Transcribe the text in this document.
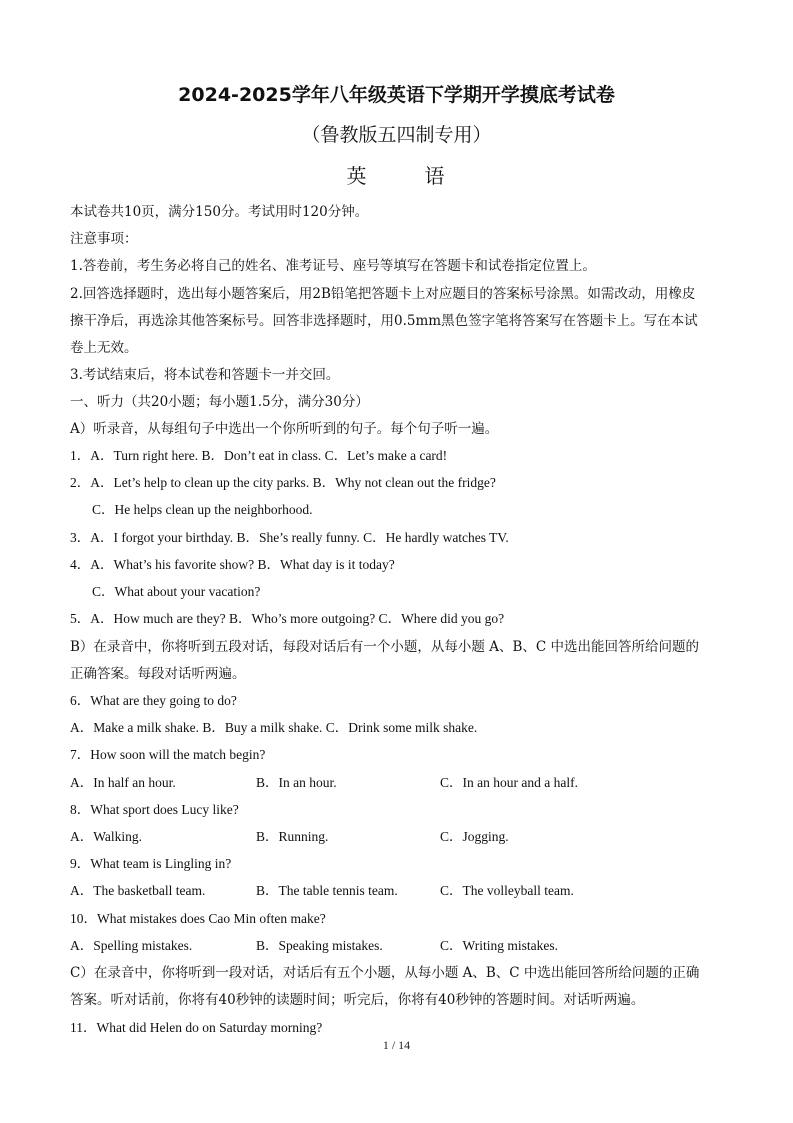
2024-2025学年八年级英语下学期开学摸底考试卷
（鲁教版五四制专用）
英	语
本试卷共10页，满分150分。考试用时120分钟。
注意事项：
1.答卷前，考生务必将自己的姓名、准考证号、座号等填写在答题卡和试卷指定位置上。
2.回答选择题时，选出每小题答案后，用2B铅笔把答题卡上对应题目的答案标号涂黑。如需改动，用橡皮
擦干净后，再选涂其他答案标号。回答非选择题时，用0.5mm黑色签字笔将答案写在答题卡上。写在本试
卷上无效。
3.考试结束后，将本试卷和答题卡一并交回。
一、听力（共20小题；每小题1.5分，满分30分）
A）听录音，从每组句子中选出一个你所听到的句子。每个句子听一遍。
1．A．Turn right here. B．Don’t eat in class. C．Let’s make a card!
2．A．Let’s help to clean up the city parks. B．Why not clean out the fridge?
C．He helps clean up the neighborhood.
3．A．I forgot your birthday. B．She’s really funny. C．He hardly watches TV.
4．A．What’s his favorite show? B．What day is it today?
C．What about your vacation?
5．A．How much are they? B．Who’s more outgoing? C．Where did you go?
B）在录音中，你将听到五段对话，每段对话后有一个小题，从每小题 A、B、C 中选出能回答所给问题的
正确答案。每段对话听两遍。
6．What are they going to do?
A．Make a milk shake. B．Buy a milk shake. C．Drink some milk shake.
7．How soon will the match begin?
A．In half an hour.	B．In an hour.	C．In an hour and a half.
8．What sport does Lucy like?
A．Walking.	B．Running.	C．Jogging.
9．What team is Lingling in?
A．The basketball team.	B．The table tennis team.	C．The volleyball team.
10．What mistakes does Cao Min often make?
A．Spelling mistakes.	B．Speaking mistakes.	C．Writing mistakes.
C）在录音中，你将听到一段对话，对话后有五个小题，从每小题 A、B、C 中选出能回答所给问题的正确
答案。听对话前，你将有40秒钟的读题时间；听完后，你将有40秒钟的答题时间。对话听两遍。
11．What did Helen do on Saturday morning?
1 / 14
